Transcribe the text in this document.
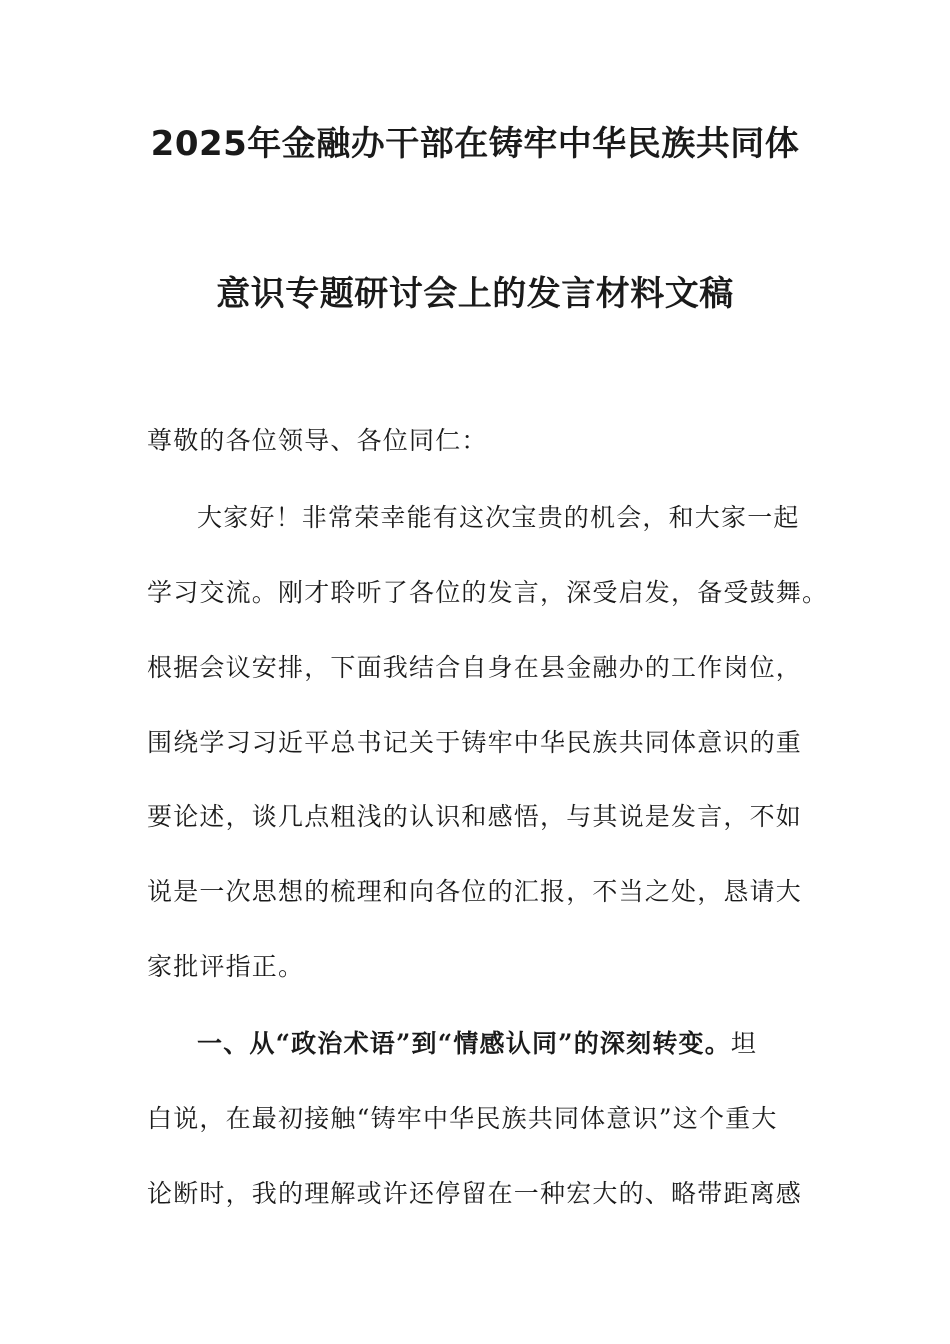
2025年金融办干部在铸牢中华民族共同体
意识专题研讨会上的发言材料文稿
尊敬的各位领导、各位同仁：
大家好！非常荣幸能有这次宝贵的机会，和大家一起
学习交流。刚才聆听了各位的发言，深受启发，备受鼓舞。
根据会议安排，下面我结合自身在县金融办的工作岗位，
围绕学习习近平总书记关于铸牢中华民族共同体意识的重
要论述，谈几点粗浅的认识和感悟，与其说是发言，不如
说是一次思想的梳理和向各位的汇报，不当之处，恳请大
家批评指正。
一、从“政治术语”到“情感认同”的深刻转变。坦
白说，在最初接触“铸牢中华民族共同体意识”这个重大
论断时，我的理解或许还停留在一种宏大的、略带距离感
